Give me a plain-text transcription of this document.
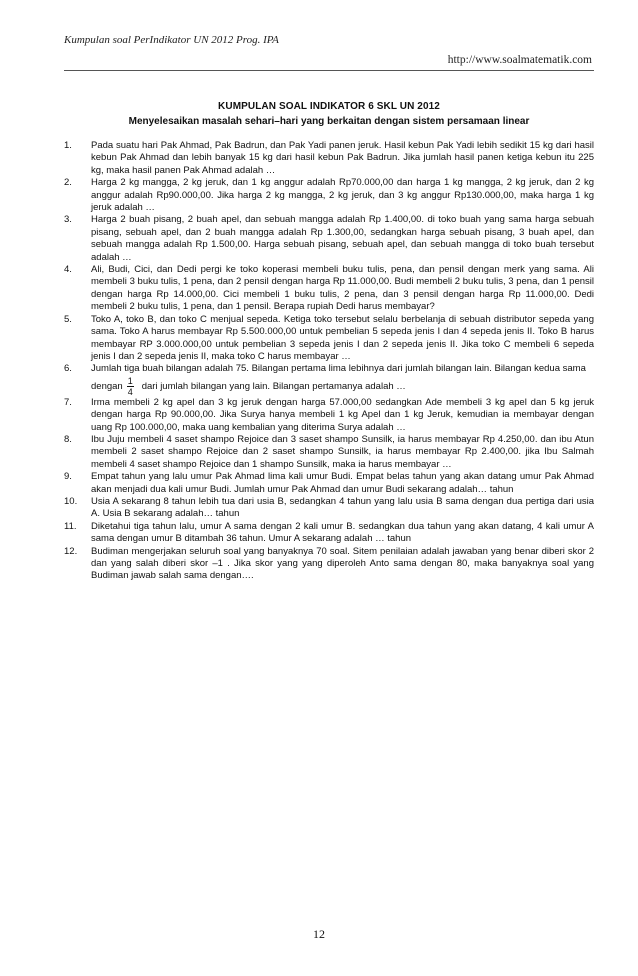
Kumpulan soal PerIndikator UN 2012 Prog. IPA
http://www.soalmatematik.com
KUMPULAN SOAL INDIKATOR 6 SKL UN 2012
Menyelesaikan masalah sehari–hari yang berkaitan dengan sistem persamaan linear
1. Pada suatu hari Pak Ahmad, Pak Badrun, dan Pak Yadi panen jeruk. Hasil kebun Pak Yadi lebih sedikit 15 kg dari hasil kebun Pak Ahmad dan lebih banyak 15 kg dari hasil kebun Pak Badrun. Jika jumlah hasil panen ketiga kebun itu 225 kg, maka hasil panen Pak Ahmad adalah …
2. Harga 2 kg mangga, 2 kg jeruk, dan 1 kg anggur adalah Rp70.000,00 dan harga 1 kg mangga, 2 kg jeruk, dan 2 kg anggur adalah Rp90.000,00. Jika harga 2 kg mangga, 2 kg jeruk, dan 3 kg anggur Rp130.000,00, maka harga 1 kg jeruk adalah …
3. Harga 2 buah pisang, 2 buah apel, dan sebuah mangga adalah Rp 1.400,00. di toko buah yang sama harga sebuah pisang, sebuah apel, dan 2 buah mangga adalah Rp 1.300,00, sedangkan harga sebuah pisang, 3 buah apel, dan sebuah mangga adalah Rp 1.500,00. Harga sebuah pisang, sebuah apel, dan sebuah mangga di toko buah tersebut adalah …
4. Ali, Budi, Cici, dan Dedi pergi ke toko koperasi membeli buku tulis, pena, dan pensil dengan merk yang sama. Ali membeli 3 buku tulis, 1 pena, dan 2 pensil dengan harga Rp 11.000,00. Budi membeli 2 buku tulis, 3 pena, dan 1 pensil dengan harga Rp 14.000,00. Cici membeli 1 buku tulis, 2 pena, dan 3 pensil dengan harga Rp 11.000,00. Dedi membeli 2 buku tulis, 1 pena, dan 1 pensil. Berapa rupiah Dedi harus membayar?
5. Toko A, toko B, dan toko C menjual sepeda. Ketiga toko tersebut selalu berbelanja di sebuah distributor sepeda yang sama. Toko A harus membayar Rp 5.500.000,00 untuk pembelian 5 sepeda jenis I dan 4 sepeda jenis II. Toko B harus membayar RP 3.000.000,00 untuk pembelian 3 sepeda jenis I dan 2 sepeda jenis II. Jika toko C membeli 6 sepeda jenis I dan 2 sepeda jenis II, maka toko C harus membayar …
6. Jumlah tiga buah bilangan adalah 75. Bilangan pertama lima lebihnya dari jumlah bilangan lain. Bilangan kedua sama
dengan $\frac{1}{4}$ dari jumlah bilangan yang lain. Bilangan pertamanya adalah …
7. Irma membeli 2 kg apel dan 3 kg jeruk dengan harga 57.000,00 sedangkan Ade membeli 3 kg apel dan 5 kg jeruk dengan harga Rp 90.000,00. Jika Surya hanya membeli 1 kg Apel dan 1 kg Jeruk, kemudian ia membayar dengan uang Rp 100.000,00, maka uang kembalian yang diterima Surya adalah …
8. Ibu Juju membeli 4 saset shampo Rejoice dan 3 saset shampo Sunsilk, ia harus membayar Rp 4.250,00. dan ibu Atun membeli 2 saset shampo Rejoice dan 2 saset shampo Sunsilk, ia harus membayar Rp 2.400,00. jika Ibu Salmah membeli 4 saset shampo Rejoice dan 1 shampo Sunsilk, maka ia harus membayar …
9. Empat tahun yang lalu umur Pak Ahmad lima kali umur Budi. Empat belas tahun yang akan datang umur Pak Ahmad akan menjadi dua kali umur Budi. Jumlah umur Pak Ahmad dan umur Budi sekarang adalah… tahun
10. Usia A sekarang 8 tahun lebih tua dari usia B, sedangkan 4 tahun yang lalu usia B sama dengan dua pertiga dari usia A. Usia B sekarang adalah… tahun
11. Diketahui tiga tahun lalu, umur A sama dengan 2 kali umur B. sedangkan dua tahun yang akan datang, 4 kali umur A sama dengan umur B ditambah 36 tahun. Umur A sekarang adalah … tahun
12. Budiman mengerjakan seluruh soal yang banyaknya 70 soal. Sitem penilaian adalah jawaban yang benar diberi skor 2 dan yang salah diberi skor –1 . Jika skor yang yang diperoleh Anto sama dengan 80, maka banyaknya soal yang Budiman jawab salah sama dengan….
12
